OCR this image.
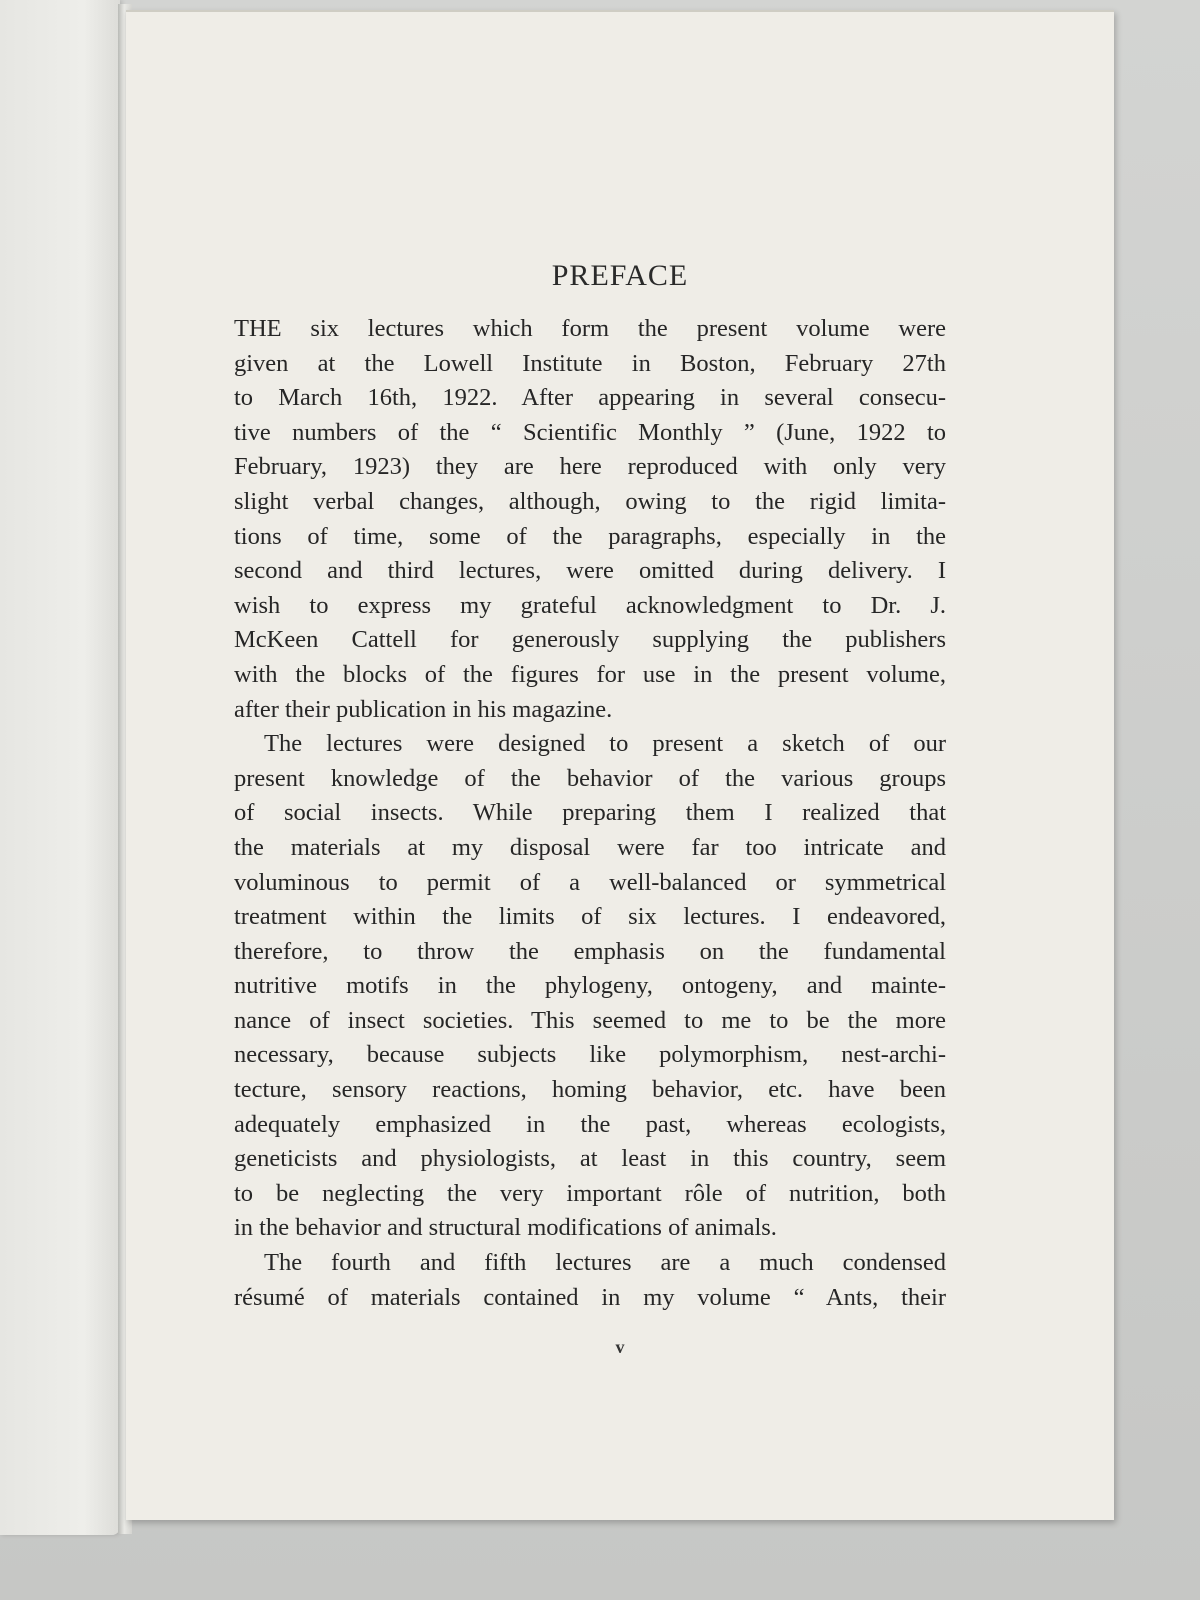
PREFACE
THE six lectures which form the present volume were
given at the Lowell Institute in Boston, February 27th
to March 16th, 1922. After appearing in several consecu-
tive numbers of the “ Scientific Monthly ” (June, 1922 to
February, 1923) they are here reproduced with only very
slight verbal changes, although, owing to the rigid limita-
tions of time, some of the paragraphs, especially in the
second and third lectures, were omitted during delivery. I
wish to express my grateful acknowledgment to Dr. J.
McKeen Cattell for generously supplying the publishers
with the blocks of the figures for use in the present volume,
after their publication in his magazine.
The lectures were designed to present a sketch of our
present knowledge of the behavior of the various groups
of social insects. While preparing them I realized that
the materials at my disposal were far too intricate and
voluminous to permit of a well-balanced or symmetrical
treatment within the limits of six lectures. I endeavored,
therefore, to throw the emphasis on the fundamental
nutritive motifs in the phylogeny, ontogeny, and mainte-
nance of insect societies. This seemed to me to be the more
necessary, because subjects like polymorphism, nest-archi-
tecture, sensory reactions, homing behavior, etc. have been
adequately emphasized in the past, whereas ecologists,
geneticists and physiologists, at least in this country, seem
to be neglecting the very important rôle of nutrition, both
in the behavior and structural modifications of animals.
The fourth and fifth lectures are a much condensed
résumé of materials contained in my volume “ Ants, their
v
